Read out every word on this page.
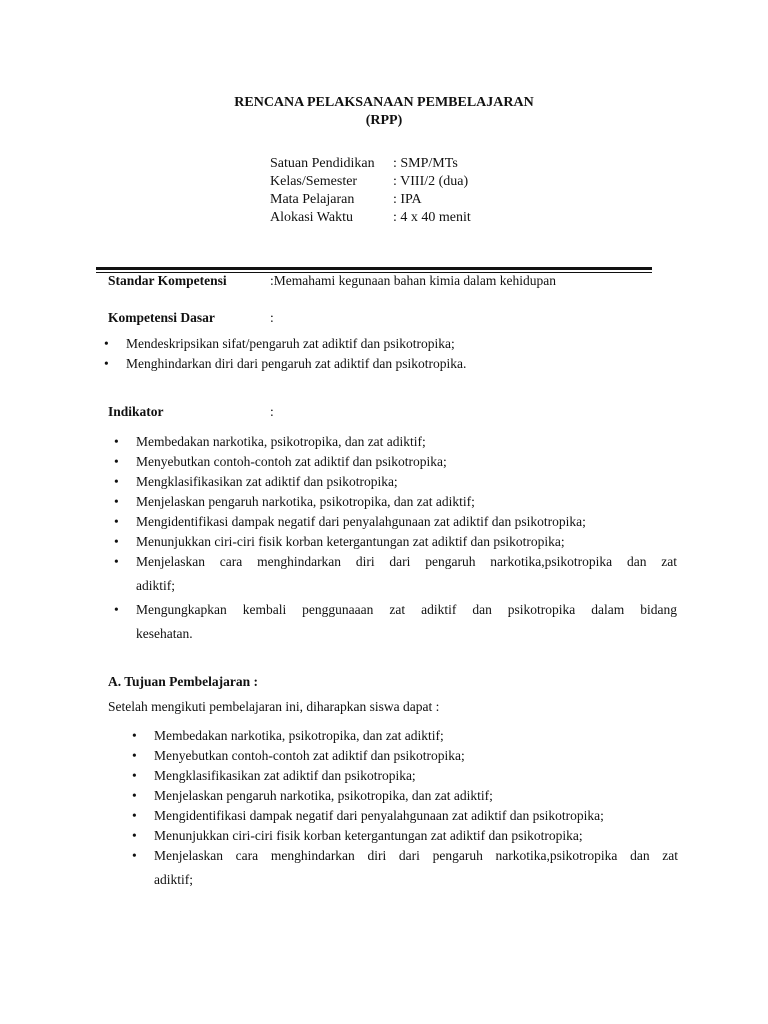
RENCANA PELAKSANAAN PEMBELAJARAN
(RPP)
Satuan Pendidikan : SMP/MTs
Kelas/Semester	: VIII/2 (dua)
Mata Pelajaran	: IPA
Alokasi Waktu	: 4 x 40 menit
Standar Kompetensi	:Memahami kegunaan bahan kimia dalam kehidupan
Kompetensi Dasar	:
• Mendeskripsikan sifat/pengaruh zat adiktif dan psikotropika;
• Menghindarkan diri dari pengaruh zat adiktif dan psikotropika.
Indikator	:
• Membedakan narkotika, psikotropika, dan zat adiktif;
• Menyebutkan contoh-contoh zat adiktif dan psikotropika;
• Mengklasifikasikan zat adiktif dan psikotropika;
• Menjelaskan pengaruh narkotika, psikotropika, dan zat adiktif;
• Mengidentifikasi dampak negatif dari penyalahgunaan zat adiktif dan psikotropika;
• Menunjukkan ciri-ciri fisik korban ketergantungan zat adiktif dan psikotropika;
• Menjelaskan cara menghindarkan diri dari pengaruh narkotika,psikotropika dan zat
adiktif;
• Mengungkapkan kembali penggunaaan zat adiktif dan psikotropika dalam bidang
kesehatan.
A. Tujuan Pembelajaran :
Setelah mengikuti pembelajaran ini, diharapkan siswa dapat :
• Membedakan narkotika, psikotropika, dan zat adiktif;
• Menyebutkan contoh-contoh zat adiktif dan psikotropika;
• Mengklasifikasikan zat adiktif dan psikotropika;
• Menjelaskan pengaruh narkotika, psikotropika, dan zat adiktif;
• Mengidentifikasi dampak negatif dari penyalahgunaan zat adiktif dan psikotropika;
• Menunjukkan ciri-ciri fisik korban ketergantungan zat adiktif dan psikotropika;
• Menjelaskan cara menghindarkan diri dari pengaruh narkotika,psikotropika dan zat
adiktif;
